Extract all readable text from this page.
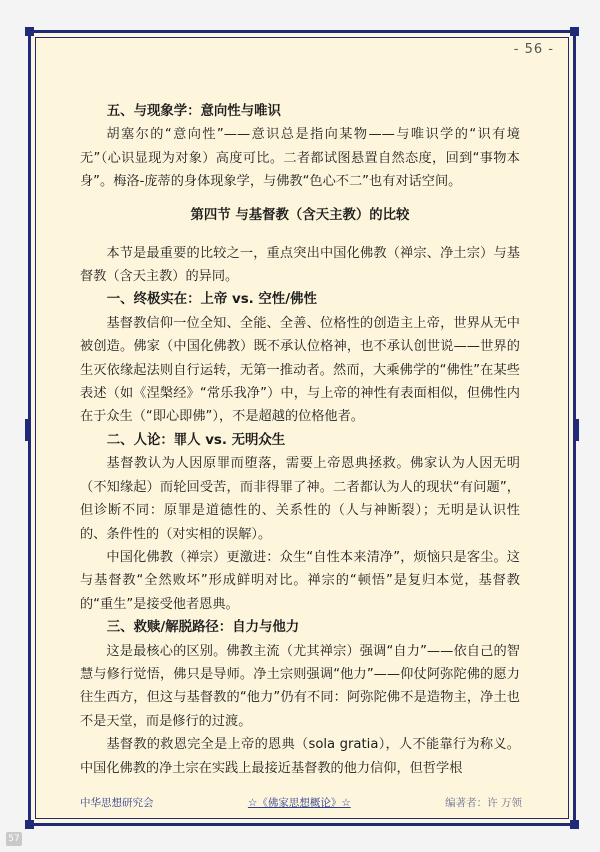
- 56 -
五、与现象学：意向性与唯识

胡塞尔的“意向性”——意识总是指向某物——与唯识学的“识有境无”（心识显现为对象）高度可比。二者都试图悬置自然态度，回到“事物本身”。梅洛-庞蒂的身体现象学，与佛教“色心不二”也有对话空间。

第四节 与基督教（含天主教）的比较

本节是最重要的比较之一，重点突出中国化佛教（禅宗、净土宗）与基督教（含天主教）的异同。

一、终极实在：上帝 vs. 空性/佛性

基督教信仰一位全知、全能、全善、位格性的创造主上帝，世界从无中被创造。佛家（中国化佛教）既不承认位格神，也不承认创世说——世界的生灭依缘起法则自行运转，无第一推动者。然而，大乘佛学的“佛性”在某些表述（如《涅槃经》“常乐我净”）中，与上帝的神性有表面相似，但佛性内在于众生（“即心即佛”），不是超越的位格他者。

二、人论：罪人 vs. 无明众生

基督教认为人因原罪而堕落，需要上帝恩典拯救。佛家认为人因无明（不知缘起）而轮回受苦，而非得罪了神。二者都认为人的现状“有问题”，但诊断不同：原罪是道德性的、关系性的（人与神断裂）；无明是认识性的、条件性的（对实相的误解）。

中国化佛教（禅宗）更激进：众生“自性本来清净”，烦恼只是客尘。这与基督教“全然败坏”形成鲜明对比。禅宗的“顿悟”是复归本觉，基督教的“重生”是接受他者恩典。

三、救赎/解脱路径：自力与他力

这是最核心的区别。佛教主流（尤其禅宗）强调“自力”——依自己的智慧与修行觉悟，佛只是导师。净土宗则强调“他力”——仰仗阿弥陀佛的愿力往生西方，但这与基督教的“他力”仍有不同：阿弥陀佛不是造物主，净土也不是天堂，而是修行的过渡。

基督教的救恩完全是上帝的恩典（sola gratia），人不能靠行为称义。中国化佛教的净土宗在实践上最接近基督教的他力信仰，但哲学根

中华思想研究会	☆《佛家思想概论》☆	编著者：许 万领
57
